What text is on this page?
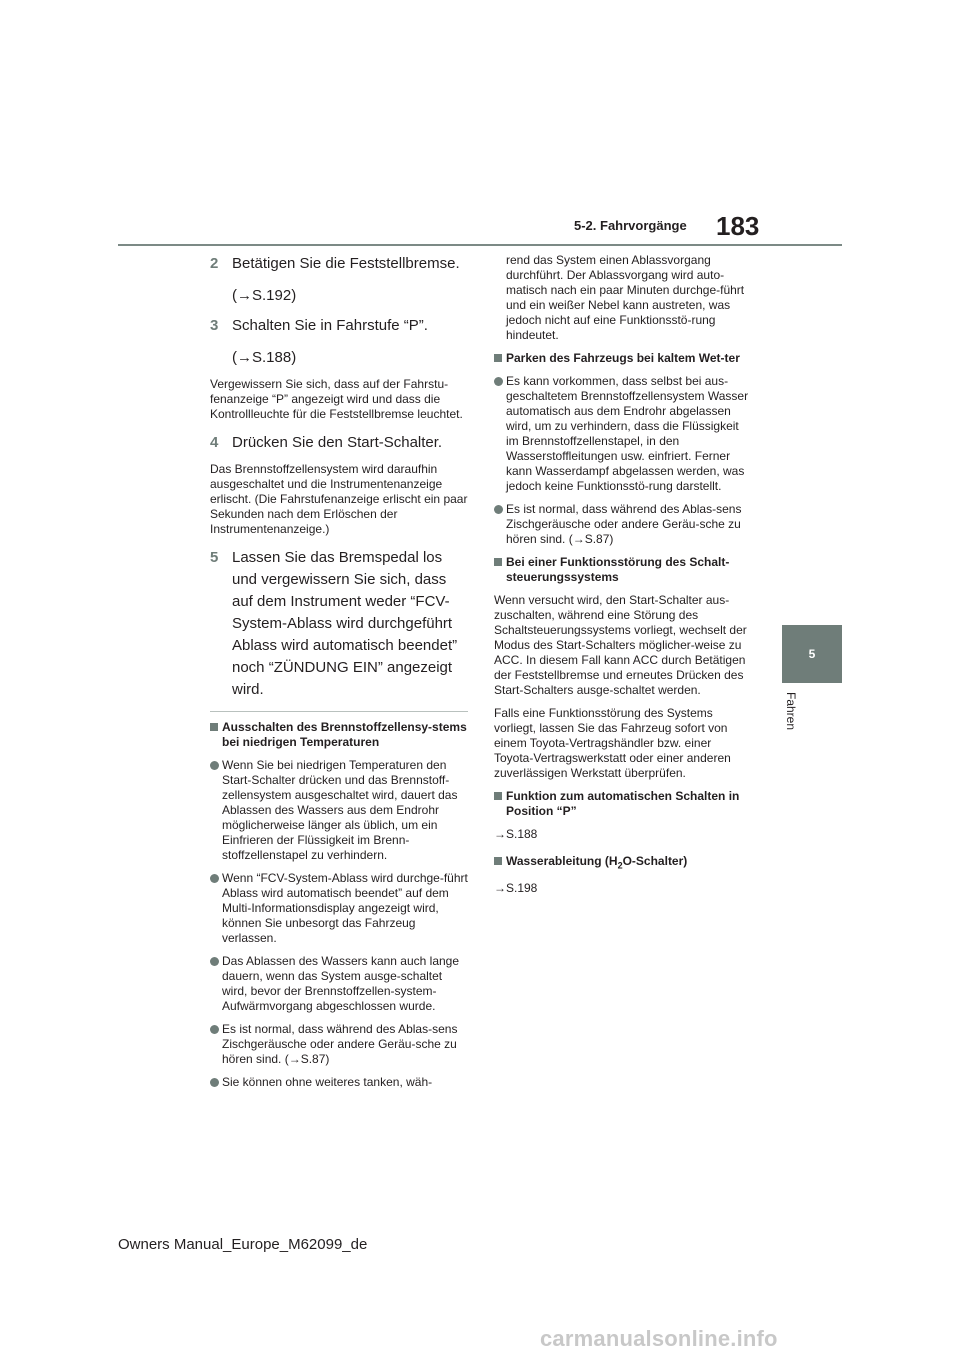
183
5-2. Fahrvorgänge
5
Fahren
2 Betätigen Sie die Feststellbremse.
(→S.192)
3 Schalten Sie in Fahrstufe “P”.
(→S.188)

Vergewissern Sie sich, dass auf der Fahrstu-fenanzeige “P” angezeigt wird und dass die Kontrollleuchte für die Feststellbremse leuchtet.

4 Drücken Sie den Start-Schalter.

Das Brennstoffzellensystem wird daraufhin ausgeschaltet und die Instrumentenanzeige erlischt. (Die Fahrstufenanzeige erlischt ein paar Sekunden nach dem Erlöschen der Instrumentenanzeige.)

5 Lassen Sie das Bremspedal los und vergewissern Sie sich, dass auf dem Instrument weder “FCV-System-Ablass wird durchgeführt Ablass wird automatisch beendet” noch “ZÜNDUNG EIN” angezeigt wird.
Ausschalten des Brennstoffzellensy-stems bei niedrigen Temperaturen
Wenn Sie bei niedrigen Temperaturen den Start-Schalter drücken und das Brennstoff-zellensystem ausgeschaltet wird, dauert das Ablassen des Wassers aus dem Endrohr möglicherweise länger als üblich, um ein Einfrieren der Flüssigkeit im Brenn-stoffzellenstapel zu verhindern.
Wenn “FCV-System-Ablass wird durchge-führt Ablass wird automatisch beendet” auf dem Multi-Informationsdisplay angezeigt wird, können Sie unbesorgt das Fahrzeug verlassen.
Das Ablassen des Wassers kann auch lange dauern, wenn das System ausge-schaltet wird, bevor der Brennstoffzellen-system-Aufwärmvorgang abgeschlossen wurde.
Es ist normal, dass während des Ablas-sens Zischgeräusche oder andere Geräu-sche zu hören sind. (→S.87)
Sie können ohne weiteres tanken, wäh-

rend das System einen Ablassvorgang durchführt. Der Ablassvorgang wird auto-matisch nach ein paar Minuten durchge-führt und ein weißer Nebel kann austreten, was jedoch nicht auf eine Funktionsstö-rung hindeutet.

Parken des Fahrzeugs bei kaltem Wet-ter
Es kann vorkommen, dass selbst bei aus-geschaltetem Brennstoffzellensystem Wasser automatisch aus dem Endrohr abgelassen wird, um zu verhindern, dass die Flüssigkeit im Brennstoffzellenstapel, in den Wasserstoffleitungen usw. einfriert. Ferner kann Wasserdampf abgelassen werden, was jedoch keine Funktionsstö-rung darstellt.
Es ist normal, dass während des Ablas-sens Zischgeräusche oder andere Geräu-sche zu hören sind. (→S.87)
Bei einer Funktionsstörung des Schalt-steuerungssystems

Wenn versucht wird, den Start-Schalter aus-zuschalten, während eine Störung des Schaltsteuerungssystems vorliegt, wechselt der Modus des Start-Schalters möglicher-weise zu ACC. In diesem Fall kann ACC durch Betätigen der Feststellbremse und erneutes Drücken des Start-Schalters ausge-schaltet werden.

Falls eine Funktionsstörung des Systems vorliegt, lassen Sie das Fahrzeug sofort von einem Toyota-Vertragshändler bzw. einer Toyota-Vertragswerkstatt oder einer anderen zuverlässigen Werkstatt überprüfen.

Funktion zum automatischen Schalten in Position “P”

→S.188

Wasserableitung $(H_2O-Schalter)$

→S.198

Owners Manual_Europe_M62099_de
carmanualsonline.info
